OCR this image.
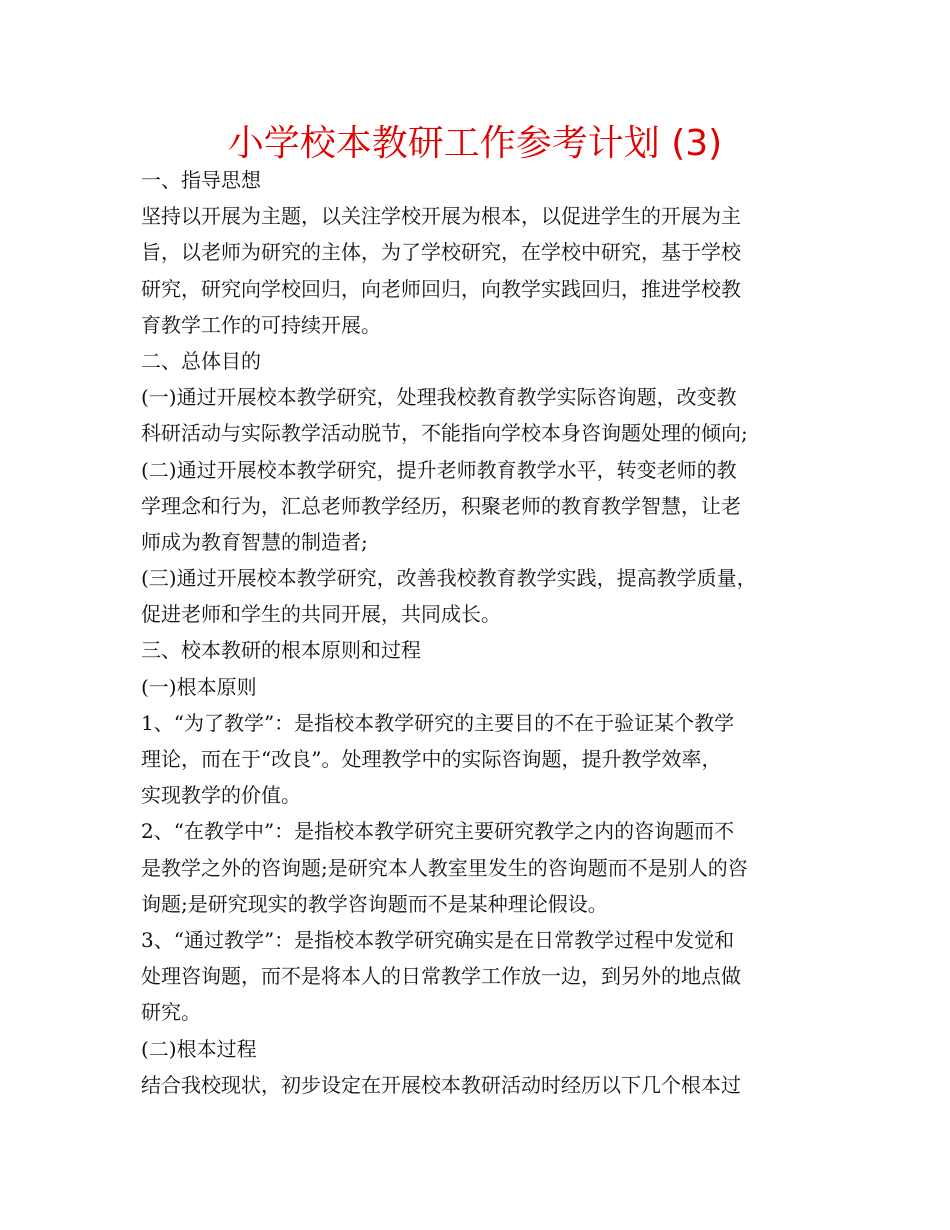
小学校本教研工作参考计划 (3)
一、指导思想
坚持以开展为主题，以关注学校开展为根本，以促进学生的开展为主
旨，以老师为研究的主体，为了学校研究，在学校中研究，基于学校
研究，研究向学校回归，向老师回归，向教学实践回归，推进学校教
育教学工作的可持续开展。
二、总体目的
(一)通过开展校本教学研究，处理我校教育教学实际咨询题，改变教
科研活动与实际教学活动脱节，不能指向学校本身咨询题处理的倾向;
(二)通过开展校本教学研究，提升老师教育教学水平，转变老师的教
学理念和行为，汇总老师教学经历，积聚老师的教育教学智慧，让老
师成为教育智慧的制造者;
(三)通过开展校本教学研究，改善我校教育教学实践，提高教学质量，
促进老师和学生的共同开展，共同成长。
三、校本教研的根本原则和过程
(一)根本原则
1、“为了教学”：是指校本教学研究的主要目的不在于验证某个教学
理论，而在于“改良”。处理教学中的实际咨询题，提升教学效率，
实现教学的价值。
2、“在教学中”：是指校本教学研究主要研究教学之内的咨询题而不
是教学之外的咨询题;是研究本人教室里发生的咨询题而不是别人的咨
询题;是研究现实的教学咨询题而不是某种理论假设。
3、“通过教学”：是指校本教学研究确实是在日常教学过程中发觉和
处理咨询题，而不是将本人的日常教学工作放一边，到另外的地点做
研究。
(二)根本过程
结合我校现状，初步设定在开展校本教研活动时经历以下几个根本过
